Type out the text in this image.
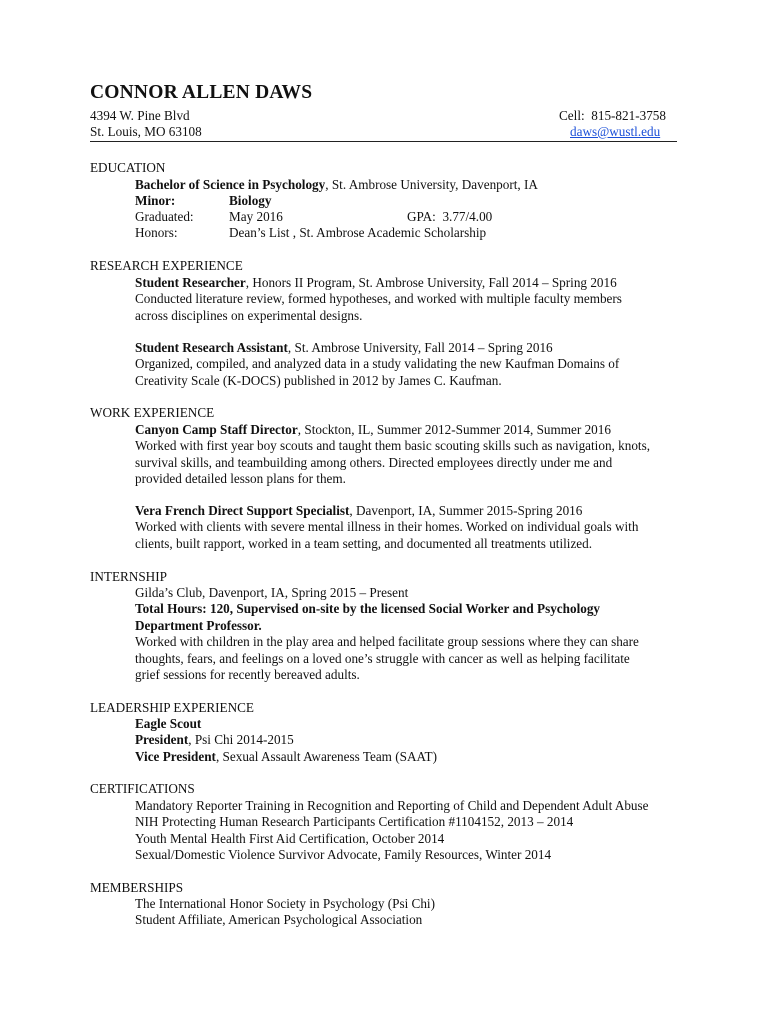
CONNOR ALLEN DAWS
4394 W. Pine Blvd
St. Louis, MO 63108
Cell: 815-821-3758
daws@wustl.edu
EDUCATION
Bachelor of Science in Psychology, St. Ambrose University, Davenport, IA
Minor:	Biology
Graduated:	May 2016	GPA: 3.77/4.00
Honors:	Dean’s List , St. Ambrose Academic Scholarship
RESEARCH EXPERIENCE
Student Researcher, Honors II Program, St. Ambrose University, Fall 2014 – Spring 2016
Conducted literature review, formed hypotheses, and worked with multiple faculty members
across disciplines on experimental designs.
Student Research Assistant, St. Ambrose University, Fall 2014 – Spring 2016
Organized, compiled, and analyzed data in a study validating the new Kaufman Domains of
Creativity Scale (K-DOCS) published in 2012 by James C. Kaufman.
WORK EXPERIENCE
Canyon Camp Staff Director, Stockton, IL, Summer 2012-Summer 2014, Summer 2016
Worked with first year boy scouts and taught them basic scouting skills such as navigation, knots,
survival skills, and teambuilding among others. Directed employees directly under me and
provided detailed lesson plans for them.
Vera French Direct Support Specialist, Davenport, IA, Summer 2015-Spring 2016
Worked with clients with severe mental illness in their homes. Worked on individual goals with
clients, built rapport, worked in a team setting, and documented all treatments utilized.
INTERNSHIP
Gilda’s Club, Davenport, IA, Spring 2015 – Present
Total Hours: 120, Supervised on-site by the licensed Social Worker and Psychology
Department Professor.
Worked with children in the play area and helped facilitate group sessions where they can share
thoughts, fears, and feelings on a loved one’s struggle with cancer as well as helping facilitate
grief sessions for recently bereaved adults.
LEADERSHIP EXPERIENCE
Eagle Scout
President, Psi Chi 2014-2015
Vice President, Sexual Assault Awareness Team (SAAT)
CERTIFICATIONS
Mandatory Reporter Training in Recognition and Reporting of Child and Dependent Adult Abuse
NIH Protecting Human Research Participants Certification #1104152, 2013 – 2014
Youth Mental Health First Aid Certification, October 2014
Sexual/Domestic Violence Survivor Advocate, Family Resources, Winter 2014
MEMBERSHIPS
The International Honor Society in Psychology (Psi Chi)
Student Affiliate, American Psychological Association
